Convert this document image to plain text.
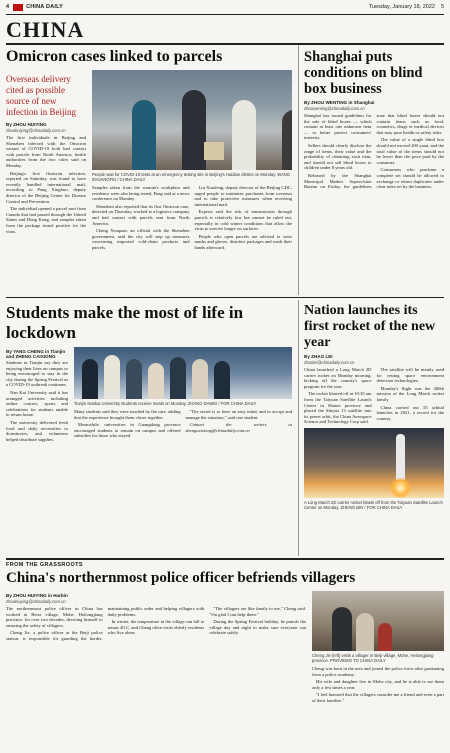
4	CHINA DAILY	Tuesday, January 18, 2022 5
CHINA
Omicron cases linked to parcels

Overseas delivery cited as possible source of new infection in Beijing

By ZHOU HUIYING
zhouhuiying@chinadaily.com.cn

The first individuals in Beijing and Shenzhen infected with the Omicron variant of COVID-19 both had contact with parcels from North America, health authorities from the two cities said on Monday.

Beijing's first Omicron infection, reported on Saturday, was found to have recently handled international mail, according to Pang Xinghuo, deputy director of the Beijing Center for Disease Control and Prevention.

The individual opened a parcel sent from Canada that had passed through the United States and Hong Kong, and samples taken from the package tested positive for the virus.

People wait for COVID-19 tests at an emergency testing site in Beijing's Haidian district on Monday. WANG ZHUANGFEI / CHINA DAILY

Samples taken from the woman's workplace and residence were also being tested, Pang said at a news conference on Monday.

Shenzhen also reported that its first Omicron case, detected on Thursday, worked at a logistics company and had contact with parcels sent from North America.

Cheng Youquan, an official with the Shenzhen government, said the city will step up measures concerning imported cold-chain products and parcels.

Liu Xiaofeng, deputy director of the Beijing CDC, urged people to minimize purchases from overseas and to take protective measures when receiving international mail.

Experts said the risk of transmission through parcels is relatively low but cannot be ruled out, especially in cold winter conditions that allow the virus to survive longer on surfaces.

People who open parcels are advised to wear masks and gloves, disinfect packages and wash their hands afterward.

Shanghai puts conditions on blind box business
By ZHOU WENTING in Shanghai
zhouwenting@chinadaily.com.cn

Shanghai has issued guidelines for the sale of blind boxes — which contain at least one unknown item — to better protect consumers' interests.

Sellers should clearly disclose the range of items, their value and the probability of obtaining each item, and should not sell blind boxes to children under 8 years old.

Released by the Shanghai Municipal Market Supervision Bureau on Friday, the guidelines state that blind boxes should not contain items such as food, cosmetics, drugs or medical devices that may pose health or safety risks.

The value of a single blind box should not exceed 200 yuan, and the total value of the items should not be lower than the price paid by the consumer.

Consumers who purchase a complete set should be allowed to exchange or return duplicates under clear rules set by the business.

Students make the most of life in lockdown
By YANG CHENG in Tianjin and ZHENG CAIXIONG

Students in Tianjin say they are enjoying their lives on campus or being encouraged to stay in the city during the Spring Festival as a COVID-19 outbreak continues.

Nan Kai University said it has arranged activities including online courses, sports and celebrations for students unable to return home.

The university delivered fresh food and daily necessities to dormitories, and volunteers helped distribute supplies.

Tianjin Nankai University students receive meals on Monday. ZHANG DAWEI / FOR CHINA DAILY

Many students said they were touched by the care, adding that the experience brought them closer together.

Meanwhile, universities in Guangdong province encouraged students to remain on campus and offered subsidies for those who stayed.

"The secret is to have an easy mind, and to accept and manage the situation," said one student.

Contact the writers at zhengcaixiong@chinadaily.com.cn

Nation launches its first rocket of the new year
By ZHAO LEI
zhaolei@chinadaily.com.cn

China launched a Long March 2D carrier rocket on Monday morning, kicking off the country's space program for the year.

The rocket blasted off at 10:35 am from the Taiyuan Satellite Launch Center in Shanxi province and placed the Shiyan 13 satellite into its preset orbit, the China Aerospace Science and Technology Corp said.

The satellite will be mainly used for testing space environment detection technologies.

Monday's flight was the 406th mission of the Long March rocket family.

China carried out 55 orbital launches in 2021, a record for the country.

A Long March 2D carrier rocket blasts off from the Taiyuan Satellite Launch Center on Monday. ZHENG BIN / FOR CHINA DAILY
FROM THE GRASSROOTS
China's northernmost police officer befriends villagers
By ZHOU HUIYING in Harbin
zhouhuiying@chinadaily.com.cn

The northernmost police officer in China has worked in Beixi village, Mohe, Heilongjiang province, for over two decades, devoting himself to ensuring the safety of villagers.

Cheng Jie, a police officer at the Beiji police station, is responsible for guarding the border, maintaining public order and helping villagers with daily problems.

In winter, the temperature in the village can fall to minus 40 C, and Cheng often visits elderly residents who live alone.

"The villagers are like family to me," Cheng said. "I'm glad I can help them."

During the Spring Festival holiday, he patrols the village day and night to make sure everyone can celebrate safely.

Cheng Jie (left) visits a villager in Beiji village, Mohe, Heilongjiang province. PROVIDED TO CHINA DAILY

Cheng was born in the area and joined the police force after graduating from a police academy.

His wife and daughter live in Mohe city, and he is able to see them only a few times a year.

"I feel honored that the villagers consider me a friend and even a part of their families."
